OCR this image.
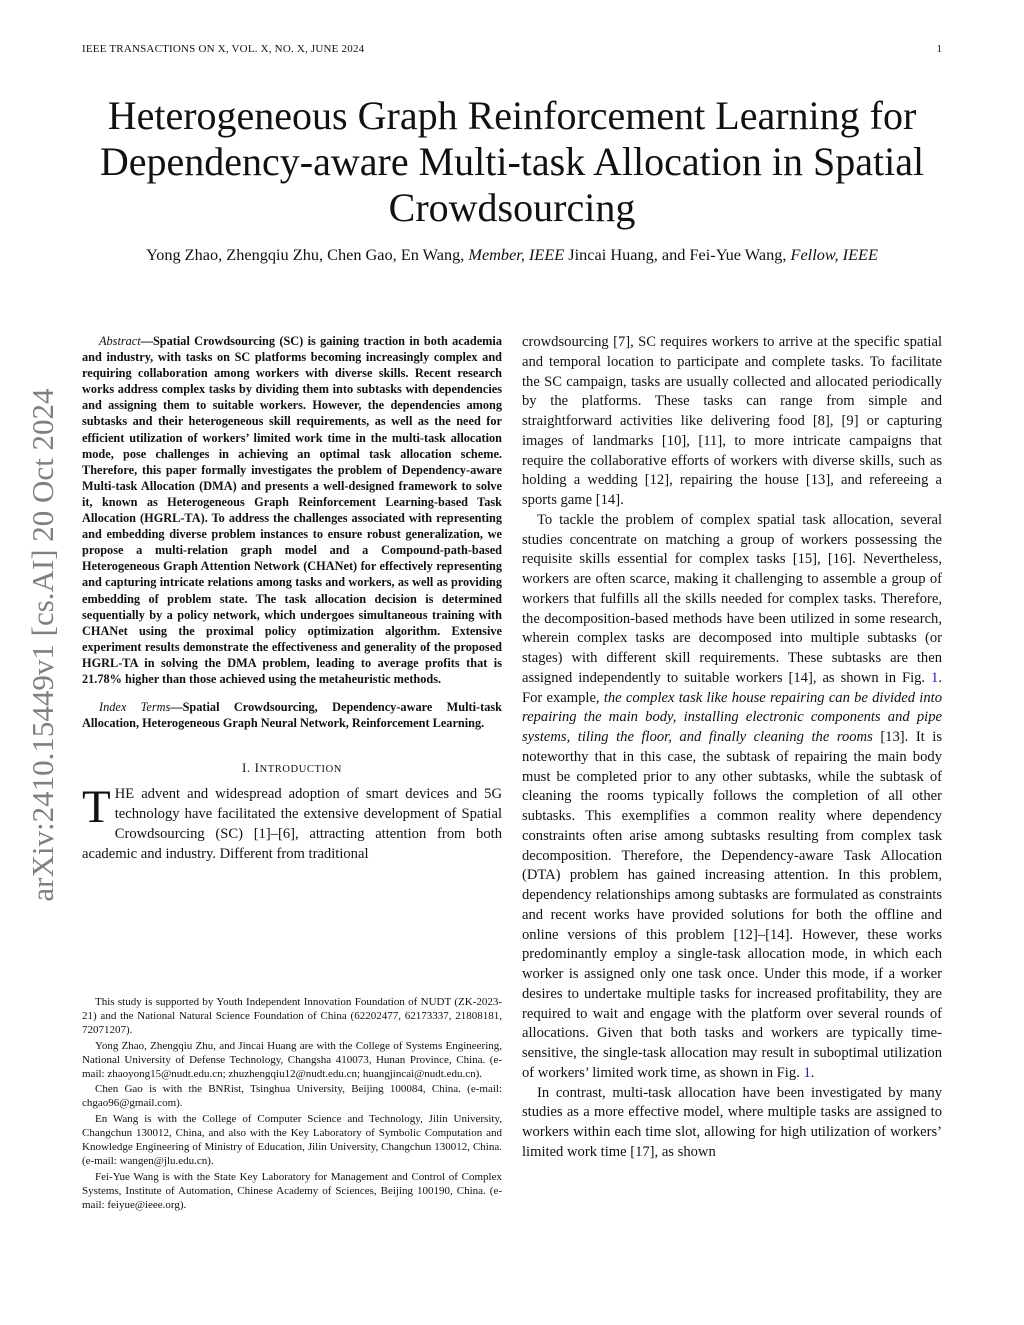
IEEE TRANSACTIONS ON X, VOL. X, NO. X, JUNE 2024	1
Heterogeneous Graph Reinforcement Learning for
Dependency-aware Multi-task Allocation in Spatial
Crowdsourcing
Yong Zhao, Zhengqiu Zhu, Chen Gao, En Wang, Member, IEEE Jincai Huang, and Fei-Yue Wang, Fellow, IEEE
arXiv:2410.15449v1 [cs.AI] 20 Oct 2024

Abstract—Spatial Crowdsourcing (SC) is gaining traction in both academia and industry, with tasks on SC platforms becoming increasingly complex and requiring collaboration among workers with diverse skills. Recent research works address complex tasks by dividing them into subtasks with dependencies and assigning them to suitable workers. However, the dependencies among subtasks and their heterogeneous skill requirements, as well as the need for efficient utilization of workers’ limited work time in the multi-task allocation mode, pose challenges in achieving an optimal task allocation scheme. Therefore, this paper formally investigates the problem of Dependency-aware Multi-task Allocation (DMA) and presents a well-designed framework to solve it, known as Heterogeneous Graph Reinforcement Learning-based Task Allocation (HGRL-TA). To address the challenges associated with representing and embedding diverse problem instances to ensure robust generalization, we propose a multi-relation graph model and a Compound-path-based Heterogeneous Graph Attention Network (CHANet) for effectively representing and capturing intricate relations among tasks and workers, as well as providing embedding of problem state. The task allocation decision is determined sequentially by a policy network, which undergoes simultaneous training with CHANet using the proximal policy optimization algorithm. Extensive experiment results demonstrate the effectiveness and generality of the proposed HGRL-TA in solving the DMA problem, leading to average profits that is 21.78% higher than those achieved using the metaheuristic methods.

Index Terms—Spatial Crowdsourcing, Dependency-aware Multi-task Allocation, Heterogeneous Graph Neural Network, Reinforcement Learning.

I. INTRODUCTION

THE advent and widespread adoption of smart devices and 5G technology have facilitated the extensive development of Spatial Crowdsourcing (SC) [1]–[6], attracting attention from both academic and industry. Different from traditional

This study is supported by Youth Independent Innovation Foundation of NUDT (ZK-2023-21) and the National Natural Science Foundation of China (62202477, 62173337, 21808181, 72071207).

Yong Zhao, Zhengqiu Zhu, and Jincai Huang are with the College of Systems Engineering, National University of Defense Technology, Changsha 410073, Hunan Province, China. (e-mail: zhaoyong15@nudt.edu.cn; zhuzhengqiu12@nudt.edu.cn; huangjincai@nudt.edu.cn).

Chen Gao is with the BNRist, Tsinghua University, Beijing 100084, China. (e-mail: chgao96@gmail.com).

En Wang is with the College of Computer Science and Technology, Jilin University, Changchun 130012, China, and also with the Key Laboratory of Symbolic Computation and Knowledge Engineering of Ministry of Education, Jilin University, Changchun 130012, China. (e-mail: wangen@jlu.edu.cn).

Fei-Yue Wang is with the State Key Laboratory for Management and Control of Complex Systems, Institute of Automation, Chinese Academy of Sciences, Beijing 100190, China. (e-mail: feiyue@ieee.org).

crowdsourcing [7], SC requires workers to arrive at the specific spatial and temporal location to participate and complete tasks. To facilitate the SC campaign, tasks are usually collected and allocated periodically by the platforms. These tasks can range from simple and straightforward activities like delivering food [8], [9] or capturing images of landmarks [10], [11], to more intricate campaigns that require the collaborative efforts of workers with diverse skills, such as holding a wedding [12], repairing the house [13], and refereeing a sports game [14].

To tackle the problem of complex spatial task allocation, several studies concentrate on matching a group of workers possessing the requisite skills essential for complex tasks [15], [16]. Nevertheless, workers are often scarce, making it challenging to assemble a group of workers that fulfills all the skills needed for complex tasks. Therefore, the decomposition-based methods have been utilized in some research, wherein complex tasks are decomposed into multiple subtasks (or stages) with different skill requirements. These subtasks are then assigned independently to suitable workers [14], as shown in Fig. 1. For example, the complex task like house repairing can be divided into repairing the main body, installing electronic components and pipe systems, tiling the floor, and finally cleaning the rooms [13]. It is noteworthy that in this case, the subtask of repairing the main body must be completed prior to any other subtasks, while the subtask of cleaning the rooms typically follows the completion of all other subtasks. This exemplifies a common reality where dependency constraints often arise among subtasks resulting from complex task decomposition. Therefore, the Dependency-aware Task Allocation (DTA) problem has gained increasing attention. In this problem, dependency relationships among subtasks are formulated as constraints and recent works have provided solutions for both the offline and online versions of this problem [12]–[14]. However, these works predominantly employ a single-task allocation mode, in which each worker is assigned only one task once. Under this mode, if a worker desires to undertake multiple tasks for increased profitability, they are required to wait and engage with the platform over several rounds of allocations. Given that both tasks and workers are typically time-sensitive, the single-task allocation may result in suboptimal utilization of workers’ limited work time, as shown in Fig. 1.

In contrast, multi-task allocation have been investigated by many studies as a more effective model, where multiple tasks are assigned to workers within each time slot, allowing for high utilization of workers’ limited work time [17], as shown
